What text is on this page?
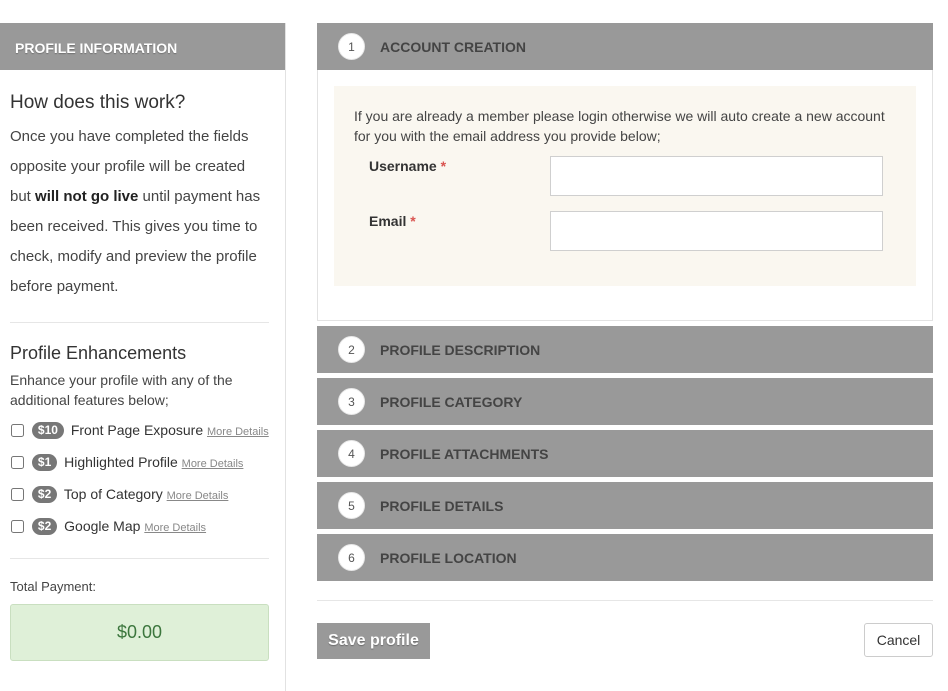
PROFILE INFORMATION
How does this work?

Once you have completed the fields opposite your profile will be created but will not go live until payment has been received. This gives you time to check, modify and preview the profile before payment.

Profile Enhancements

Enhance your profile with any of the additional features below;

$10 Front Page Exposure More Details
$1 Highlighted Profile More Details
$2 Top of Category More Details
$2 Google Map More Details
Total Payment:
$0.00
1	ACCOUNT CREATION

If you are already a member please login otherwise we will auto create a new account for you with the email address you provide below;

Username *
Email *
2	PROFILE DESCRIPTION
3	PROFILE CATEGORY
4	PROFILE ATTACHMENTS
5	PROFILE DETAILS
6	PROFILE LOCATION
Save profile	Cancel
